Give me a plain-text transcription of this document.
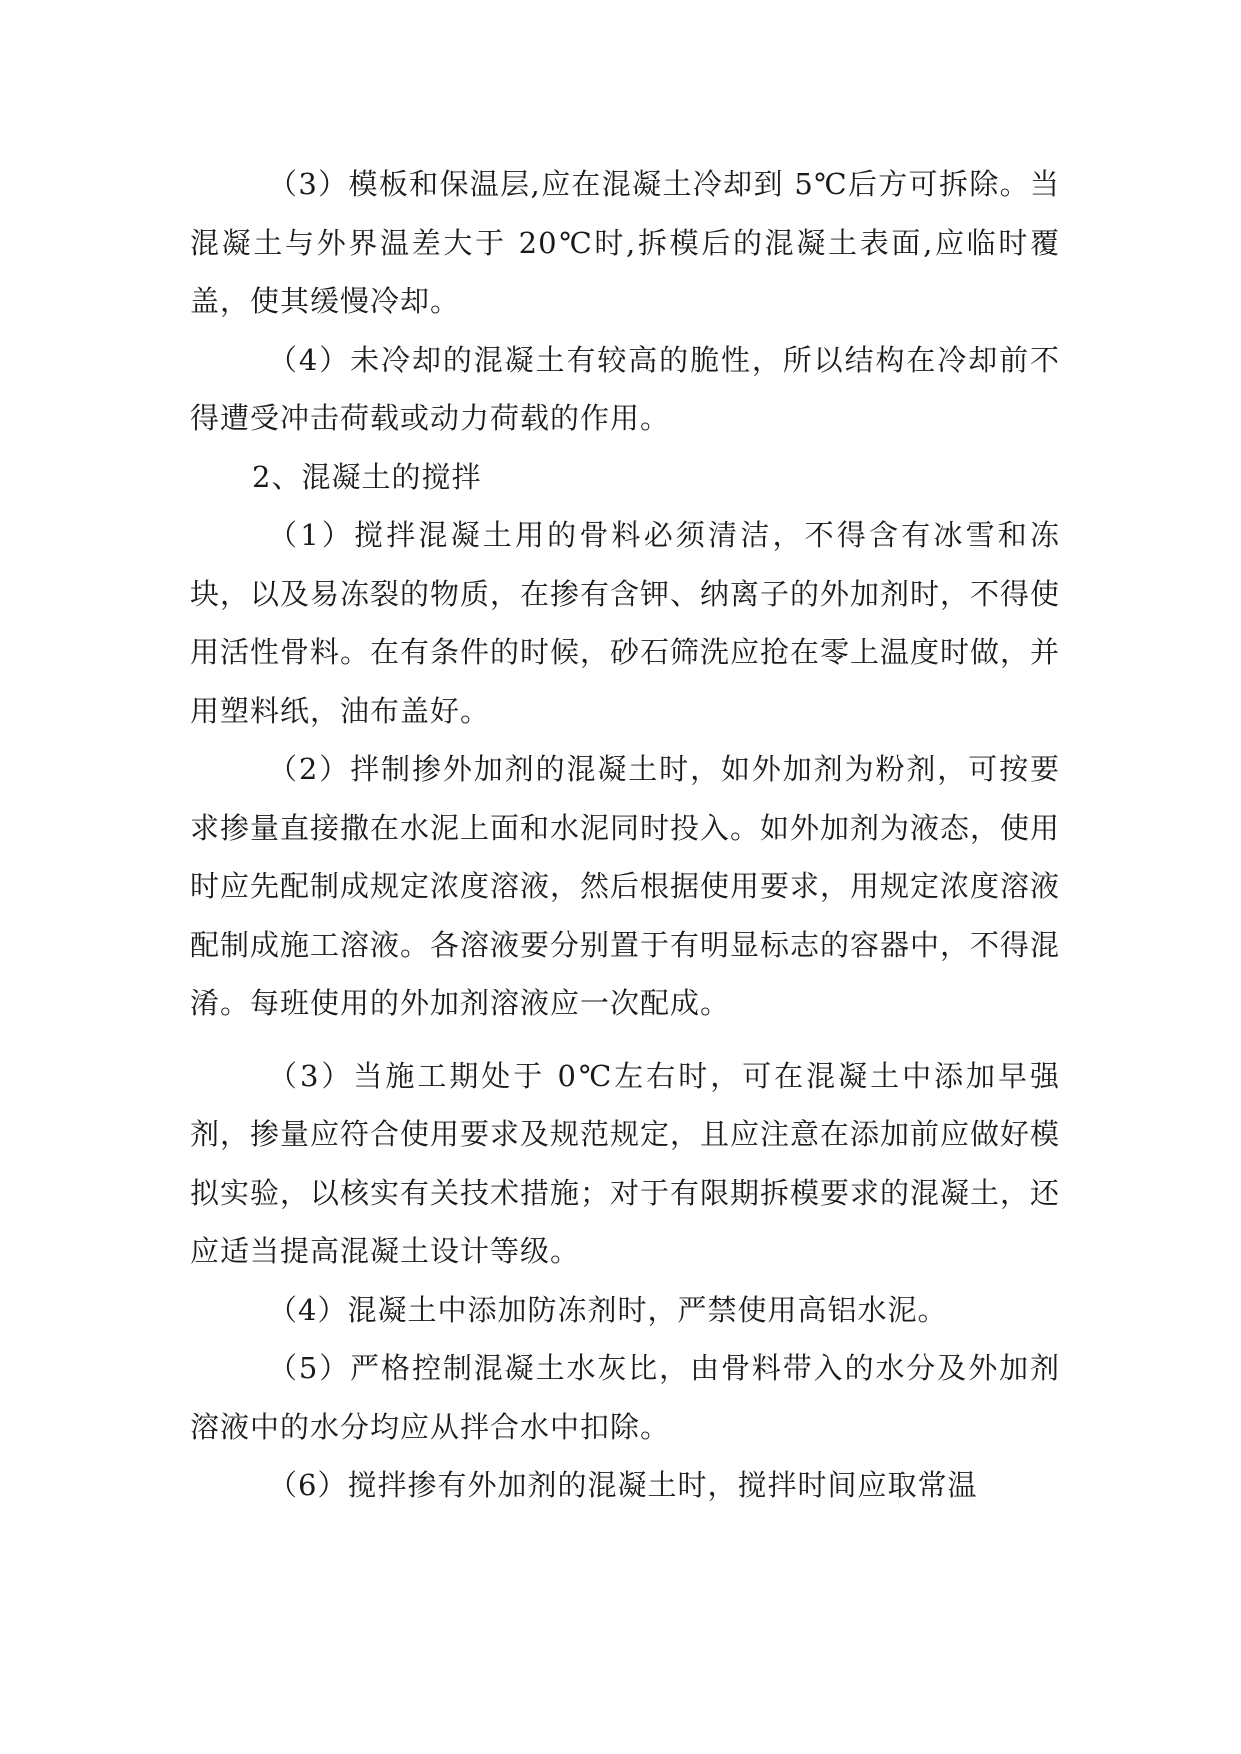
（3）模板和保温层,应在混凝土冷却到 5℃后方可拆除。当混凝土与外界温差大于 20℃时,拆模后的混凝土表面,应临时覆盖，使其缓慢冷却。

（4）未冷却的混凝土有较高的脆性，所以结构在冷却前不得遭受冲击荷载或动力荷载的作用。

2、混凝土的搅拌

（1）搅拌混凝土用的骨料必须清洁，不得含有冰雪和冻块，以及易冻裂的物质，在掺有含钾、纳离子的外加剂时，不得使用活性骨料。在有条件的时候，砂石筛洗应抢在零上温度时做，并用塑料纸，油布盖好。

（2）拌制掺外加剂的混凝土时，如外加剂为粉剂，可按要求掺量直接撒在水泥上面和水泥同时投入。如外加剂为液态，使用时应先配制成规定浓度溶液，然后根据使用要求，用规定浓度溶液配制成施工溶液。各溶液要分别置于有明显标志的容器中，不得混淆。每班使用的外加剂溶液应一次配成。

（3）当施工期处于 0℃左右时，可在混凝土中添加早强剂，掺量应符合使用要求及规范规定，且应注意在添加前应做好模拟实验，以核实有关技术措施；对于有限期拆模要求的混凝土，还应适当提高混凝土设计等级。

（4）混凝土中添加防冻剂时，严禁使用高铝水泥。

（5）严格控制混凝土水灰比，由骨料带入的水分及外加剂溶液中的水分均应从拌合水中扣除。

（6）搅拌掺有外加剂的混凝土时，搅拌时间应取常温
